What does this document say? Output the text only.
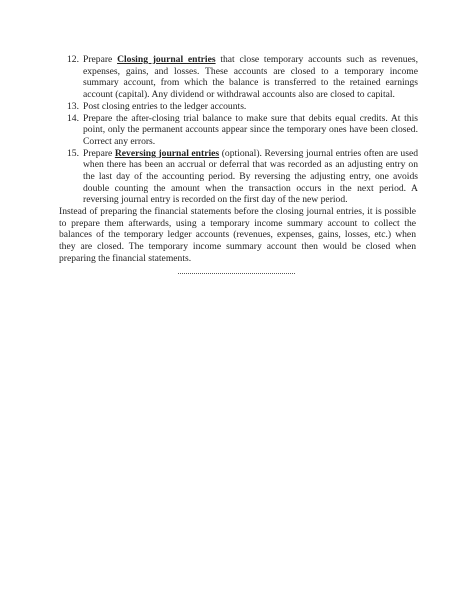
12. Prepare Closing journal entries that close temporary accounts such as revenues, expenses, gains, and losses. These accounts are closed to a temporary income summary account, from which the balance is transferred to the retained earnings account (capital). Any dividend or withdrawal accounts also are closed to capital.
13. Post closing entries to the ledger accounts.
14. Prepare the after-closing trial balance to make sure that debits equal credits. At this point, only the permanent accounts appear since the temporary ones have been closed. Correct any errors.
15. Prepare Reversing journal entries (optional). Reversing journal entries often are used when there has been an accrual or deferral that was recorded as an adjusting entry on the last day of the accounting period. By reversing the adjusting entry, one avoids double counting the amount when the transaction occurs in the next period. A reversing journal entry is recorded on the first day of the new period.

Instead of preparing the financial statements before the closing journal entries, it is possible to prepare them afterwards, using a temporary income summary account to collect the balances of the temporary ledger accounts (revenues, expenses, gains, losses, etc.) when they are closed. The temporary income summary account then would be closed when preparing the financial statements.
